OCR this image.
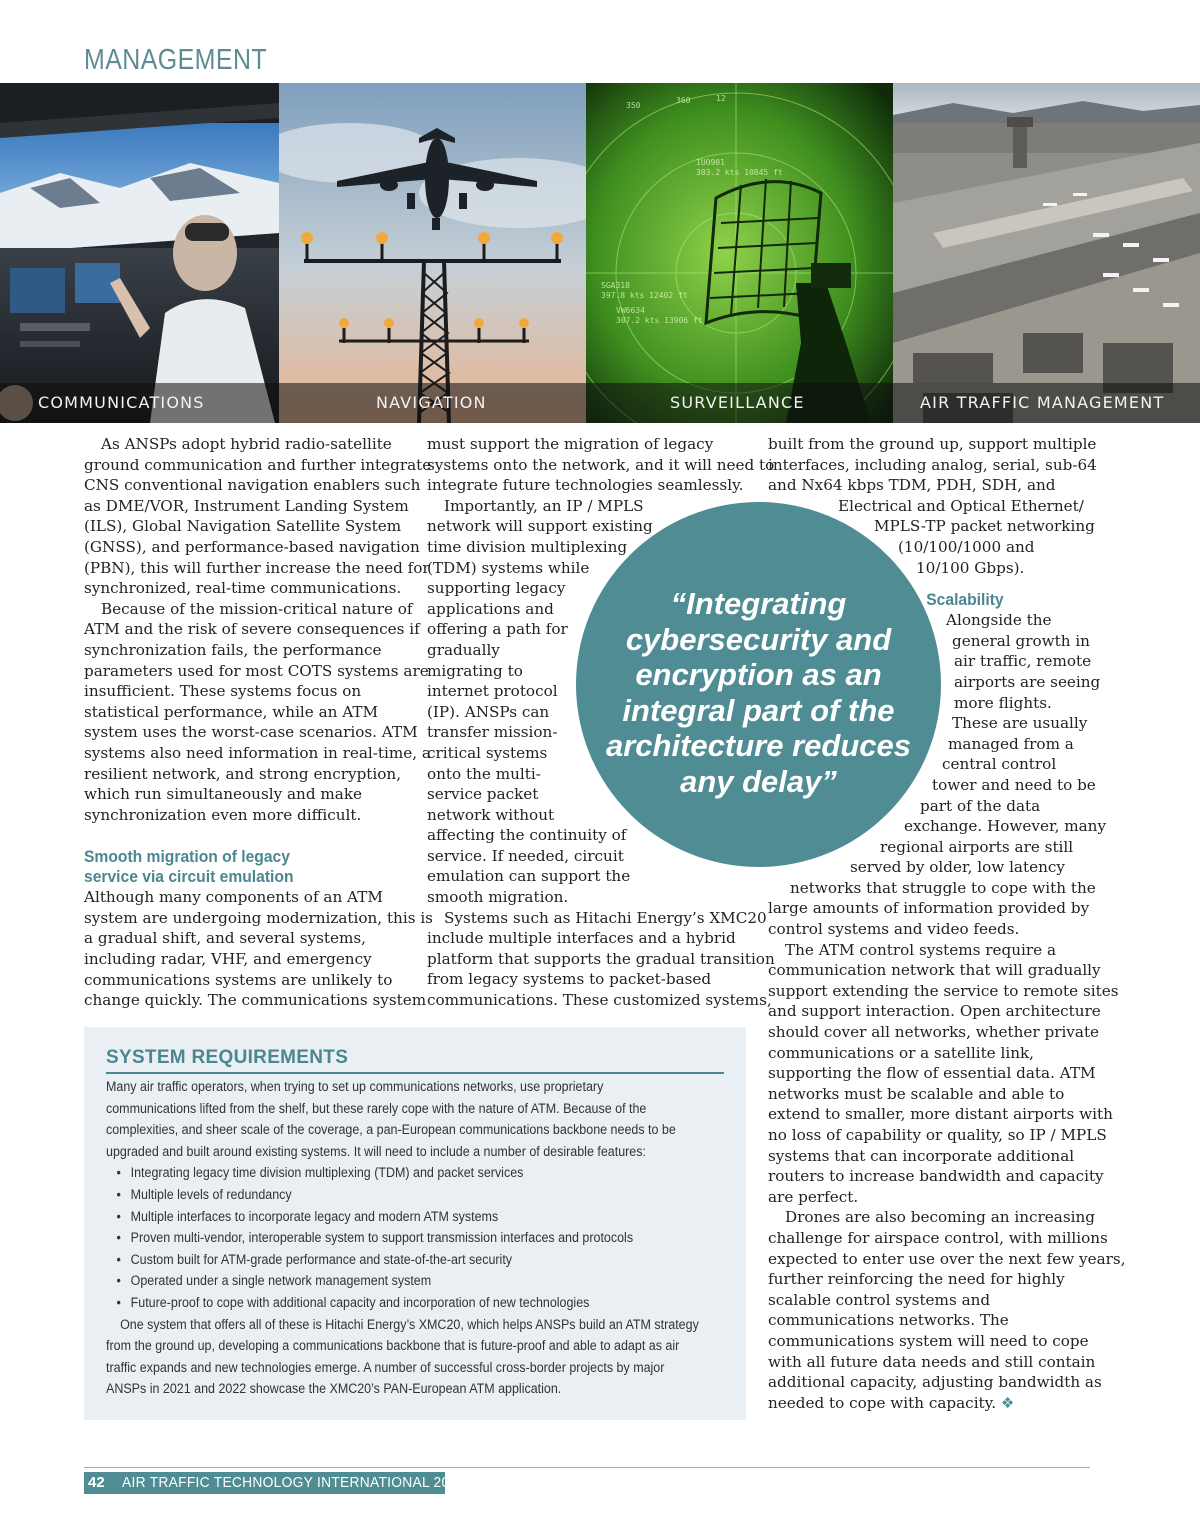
MANAGEMENT
350
360	12
IUO901
303.2 kts 10845 ft
SGA318
397.8 kts 12402 ft
VW6634
307.2 kts 13906 ft
COMMUNICATIONS	NAVIGATION	SURVEILLANCE	AIR TRAFFIC MANAGEMENT

As ANSPs adopt hybrid radio-satellite
ground communication and further integrate
CNS conventional navigation enablers such
as DME/VOR, Instrument Landing System
(ILS), Global Navigation Satellite System
(GNSS), and performance-based navigation
(PBN), this will further increase the need for
synchronized, real-time communications.

Because of the mission-critical nature of
ATM and the risk of severe consequences if
synchronization fails, the performance
parameters used for most COTS systems are
insufficient. These systems focus on
statistical performance, while an ATM
system uses the worst-case scenarios. ATM
systems also need information in real-time, a
resilient network, and strong encryption,
which run simultaneously and make
synchronization even more difficult.

Smooth migration of legacy
service via circuit emulation

Although many components of an ATM
system are undergoing modernization, this is
a gradual shift, and several systems,
including radar, VHF, and emergency
communications systems are unlikely to
change quickly. The communications system

must support the migration of legacy
systems onto the network, and it will need to
integrate future technologies seamlessly.

Importantly, an IP / MPLS
network will support existing
time division multiplexing
(TDM) systems while
supporting legacy
applications and
offering a path for
gradually
migrating to
internet protocol
(IP). ANSPs can
transfer mission-
critical systems
onto the multi-
service packet
network without
affecting the continuity of
service. If needed, circuit
emulation can support the
smooth migration.

Systems such as Hitachi Energy’s XMC20
include multiple interfaces and a hybrid
platform that supports the gradual transition
from legacy systems to packet-based
communications. These customized systems,

built from the ground up, support multiple
interfaces, including analog, serial, sub-64
and Nx64 kbps TDM, PDH, SDH, and
Electrical and Optical Ethernet/
MPLS-TP packet networking
(10/100/1000 and
10/100 Gbps).

Scalability

Alongside the
general growth in
air traffic, remote
airports are seeing
more flights.
These are usually
managed from a
central control
tower and need to be
part of the data
exchange. However, many
regional airports are still
served by older, low latency
networks that struggle to cope with the
large amounts of information provided by
control systems and video feeds.

The ATM control systems require a
communication network that will gradually
support extending the service to remote sites
and support interaction. Open architecture
should cover all networks, whether private
communications or a satellite link,
supporting the flow of essential data. ATM
networks must be scalable and able to
extend to smaller, more distant airports with
no loss of capability or quality, so IP / MPLS
systems that can incorporate additional
routers to increase bandwidth and capacity
are perfect.

Drones are also becoming an increasing
challenge for airspace control, with millions
expected to enter use over the next few years,
further reinforcing the need for highly
scalable control systems and
communications networks. The
communications system will need to cope
with all future data needs and still contain
additional capacity, adjusting bandwidth as
needed to cope with capacity. ❖

“Integrating
cybersecurity and
encryption as an
integral part of the
architecture reduces
any delay”
SYSTEM REQUIREMENTS
Many air traffic operators, when trying to set up communications networks, use proprietary
communications lifted from the shelf, but these rarely cope with the nature of ATM. Because of the
complexities, and sheer scale of the coverage, a pan-European communications backbone needs to be
upgraded and built around existing systems. It will need to include a number of desirable features:
• Integrating legacy time division multiplexing (TDM) and packet services
• Multiple levels of redundancy
• Multiple interfaces to incorporate legacy and modern ATM systems
• Proven multi-vendor, interoperable system to support transmission interfaces and protocols
• Custom built for ATM-grade performance and state-of-the-art security
• Operated under a single network management system
• Future-proof to cope with additional capacity and incorporation of new technologies
One system that offers all of these is Hitachi Energy’s XMC20, which helps ANSPs build an ATM strategy
from the ground up, developing a communications backbone that is future-proof and able to adapt as air
traffic expands and new technologies emerge. A number of successful cross-border projects by major
ANSPs in 2021 and 2022 showcase the XMC20’s PAN-European ATM application.
42 AIR TRAFFIC TECHNOLOGY INTERNATIONAL 2023
